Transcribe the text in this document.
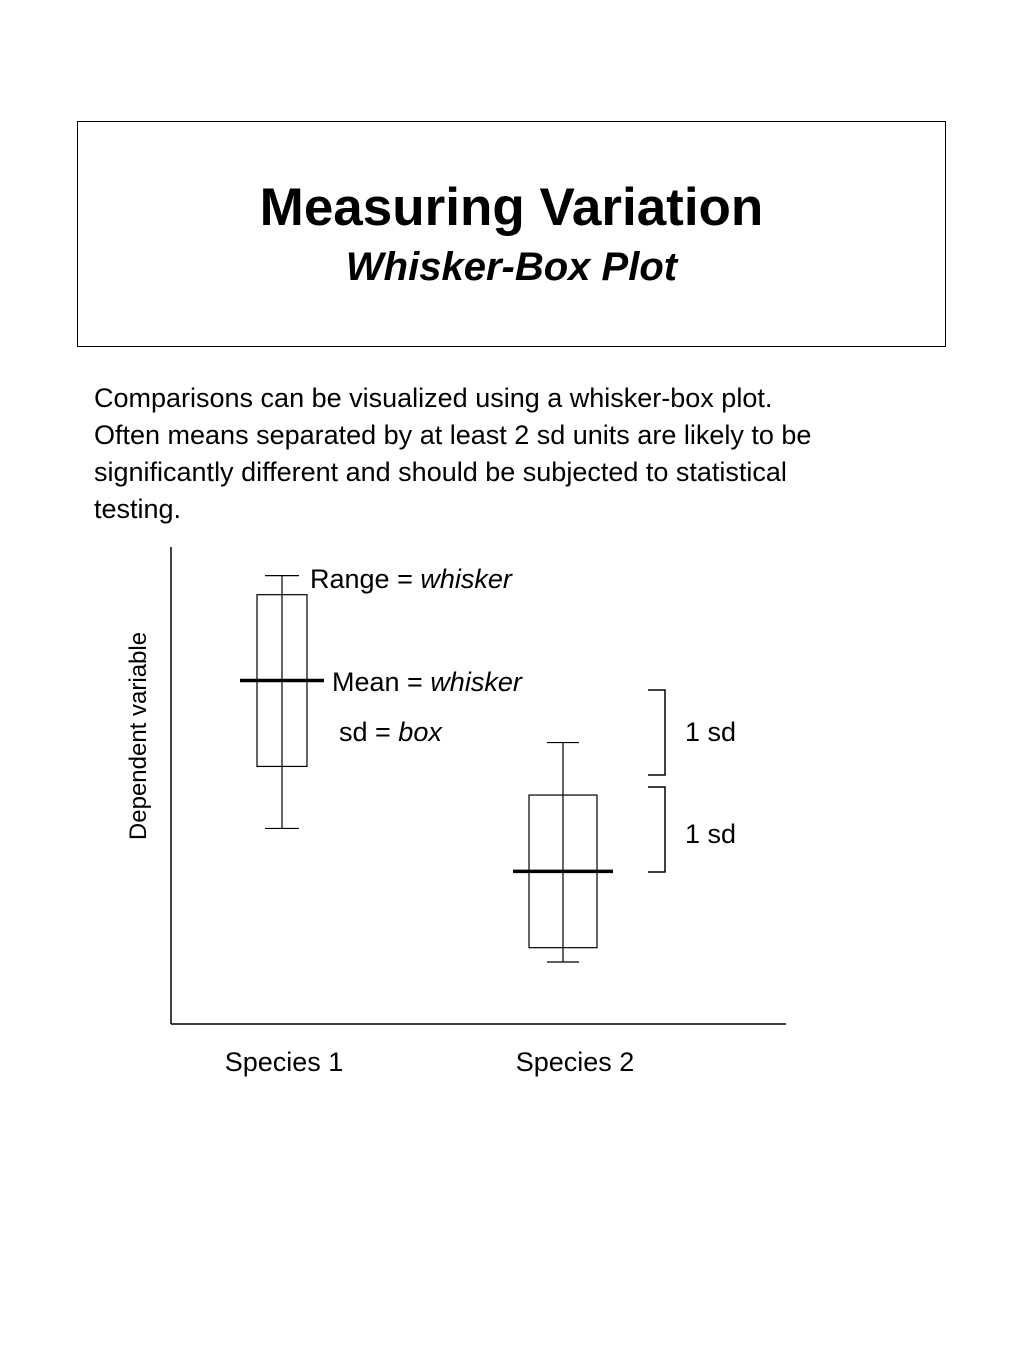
Measuring Variation
Whisker-Box Plot
Comparisons can be visualized using a whisker-box plot.
Often means separated by at least 2 sd units are likely to be
significantly different and should be subjected to statistical
testing.
Dependent variable
Species 1	Species 2
Range = whisker
Mean = whisker
sd = box	1 sd
1 sd
